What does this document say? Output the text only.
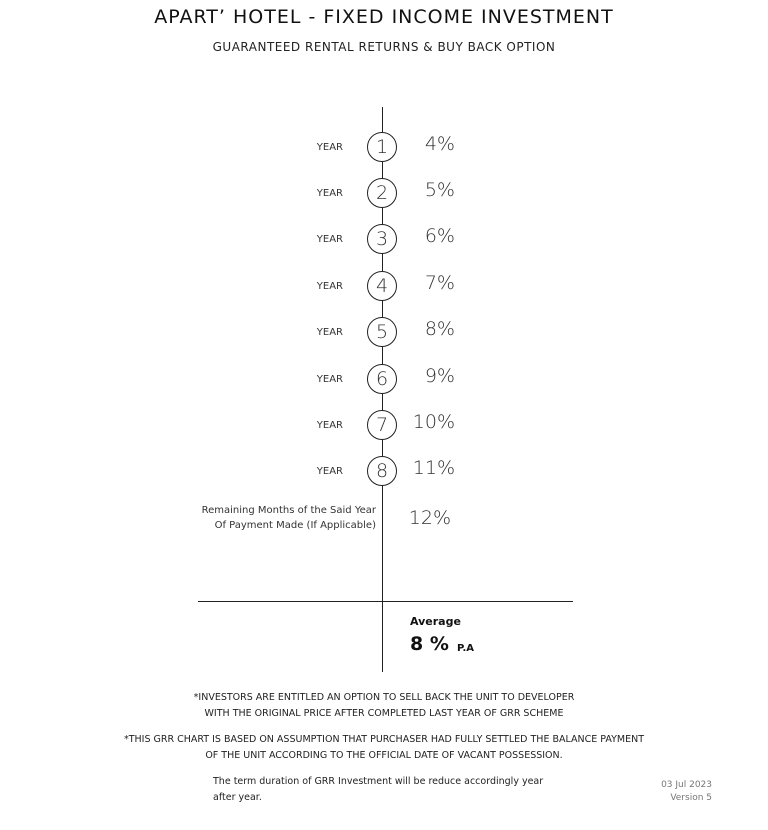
APART’ HOTEL - FIXED INCOME INVESTMENT
GUARANTEED RENTAL RETURNS & BUY BACK OPTION
YEAR	1	4%
YEAR	2	5%
YEAR	3	6%
YEAR	4	7%
YEAR	5	8%
YEAR	6	9%
YEAR	7	10%
YEAR	8	11%
Remaining Months of the Said Year
Of Payment Made (If Applicable)	12%
Average
8 % P.A
*INVESTORS ARE ENTITLED AN OPTION TO SELL BACK THE UNIT TO DEVELOPER
WITH THE ORIGINAL PRICE AFTER COMPLETED LAST YEAR OF GRR SCHEME
*THIS GRR CHART IS BASED ON ASSUMPTION THAT PURCHASER HAD FULLY SETTLED THE BALANCE PAYMENT
OF THE UNIT ACCORDING TO THE OFFICIAL DATE OF VACANT POSSESSION.
The term duration of GRR Investment will be reduce accordingly year
after year.
03 Jul 2023
Version 5
